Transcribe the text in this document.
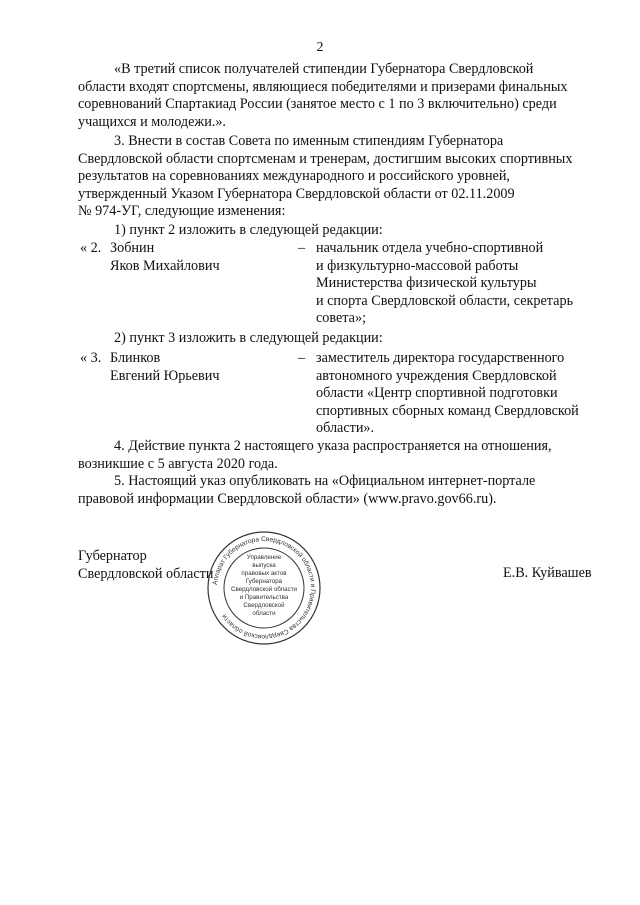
2

«В третий список получателей стипендии Губернатора Свердловской

области входят спортсмены, являющиеся победителями и призерами финальных

соревнований Спартакиад России (занятое место с 1 по 3 включительно) среди

учащихся и молодежи.».

3. Внести в состав Совета по именным стипендиям Губернатора

Свердловской области спортсменам и тренерам, достигшим высоких спортивных

результатов на соревнованиях международного и российского уровней,

утвержденный Указом Губернатора Свердловской области от 02.11.2009

№ 974-УГ, следующие изменения:

1) пункт 2 изложить в следующей редакции:
« 2. Зобнин
Яков Михайлович
– начальник отдела учебно-спортивной
и физкультурно-массовой работы
Министерства физической культуры
и спорта Свердловской области, секретарь
совета»;
2) пункт 3 изложить в следующей редакции:
« 3. Блинков
Евгений Юрьевич
– заместитель директора государственного
автономного учреждения Свердловской
области «Центр спортивной подготовки
спортивных сборных команд Свердловской
области».

4. Действие пункта 2 настоящего указа распространяется на отношения,

возникшие с 5 августа 2020 года.

5. Настоящий указ опубликовать на «Официальном интернет-портале

правовой информации Свердловской области» (www.pravo.gov66.ru).

Губернатор
Свердловской области
Аппарат Губернатора Свердловской области и Правительства Свердловской области
Управление
выпуска
правовых актов
Губернатора
Свердловской области
и Правительства
Свердловской
области
Е.В. Куйвашев
